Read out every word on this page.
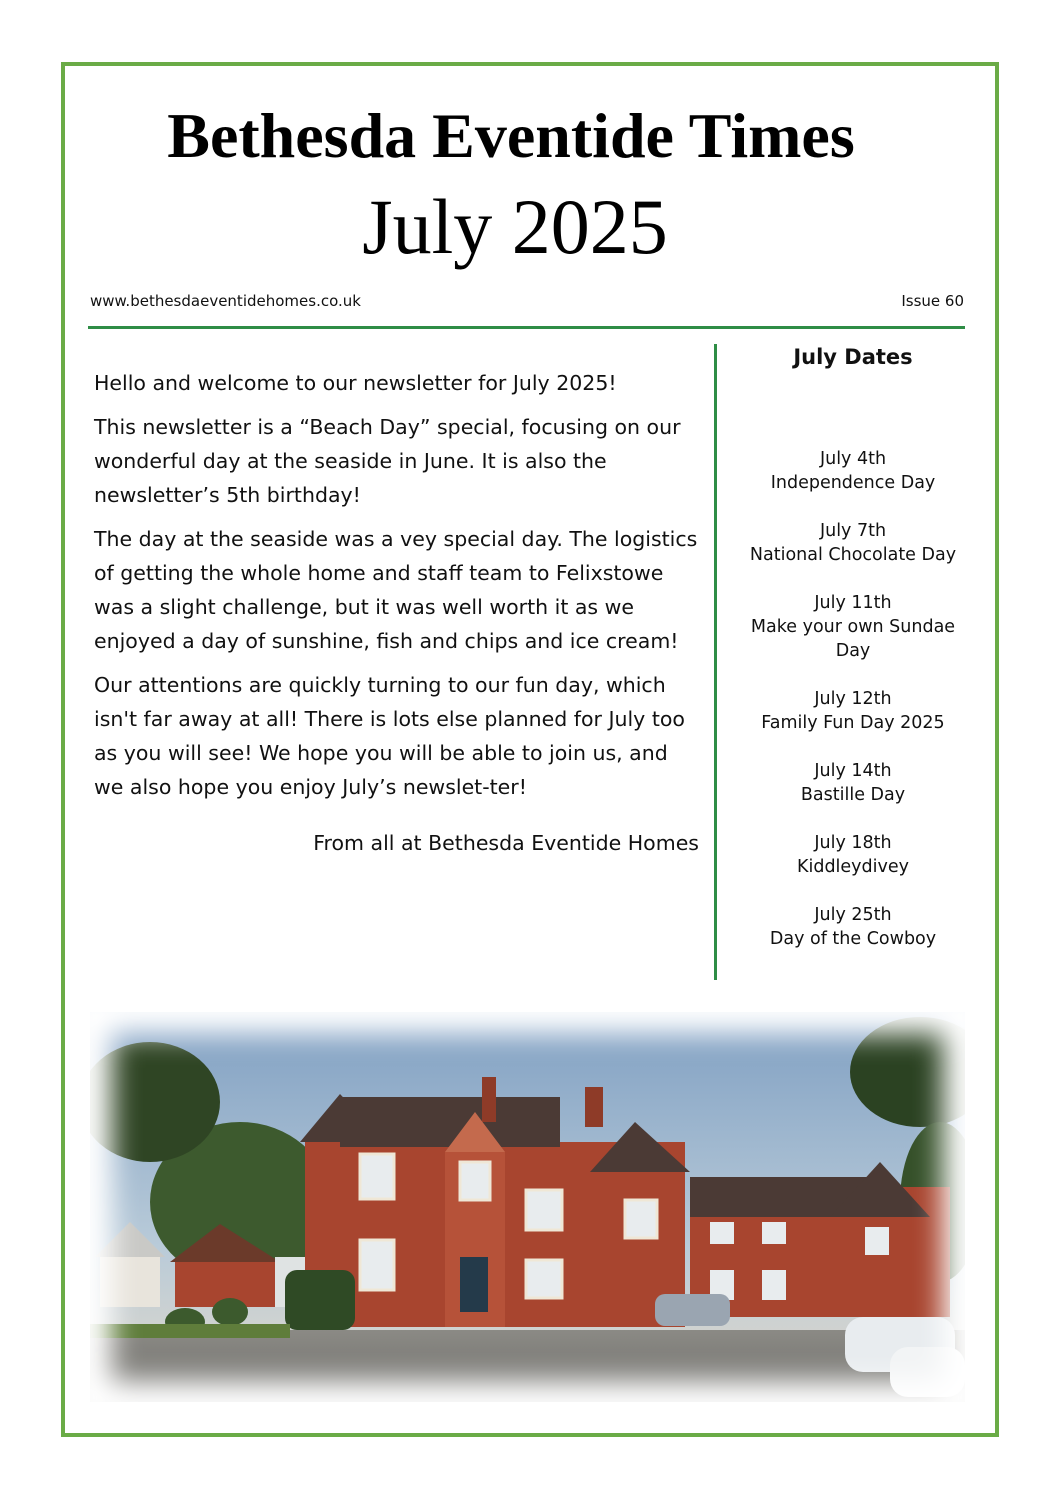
Bethesda Eventide Times
July 2025
www.bethesdaeventidehomes.co.uk	Issue 60

Hello and welcome to our newsletter for July 2025!

This newsletter is a “Beach Day” special, focusing on our wonderful day at the seaside in June. It is also the newsletter’s 5th birthday!

The day at the seaside was a vey special day. The logistics of getting the whole home and staff team to Felixstowe was a slight challenge, but it was well worth it as we enjoyed a day of sunshine, fish and chips and ice cream!

Our attentions are quickly turning to our fun day, which isn't far away at all! There is lots else planned for July too as you will see! We hope you will be able to join us, and we also hope you enjoy July’s newslet-ter!

From all at Bethesda Eventide Homes

July Dates
July 4th
Independence Day
July 7th
National Chocolate Day
July 11th
Make your own Sundae Day
July 12th
Family Fun Day 2025
July 14th
Bastille Day
July 18th
Kiddleydivey
July 25th
Day of the Cowboy
